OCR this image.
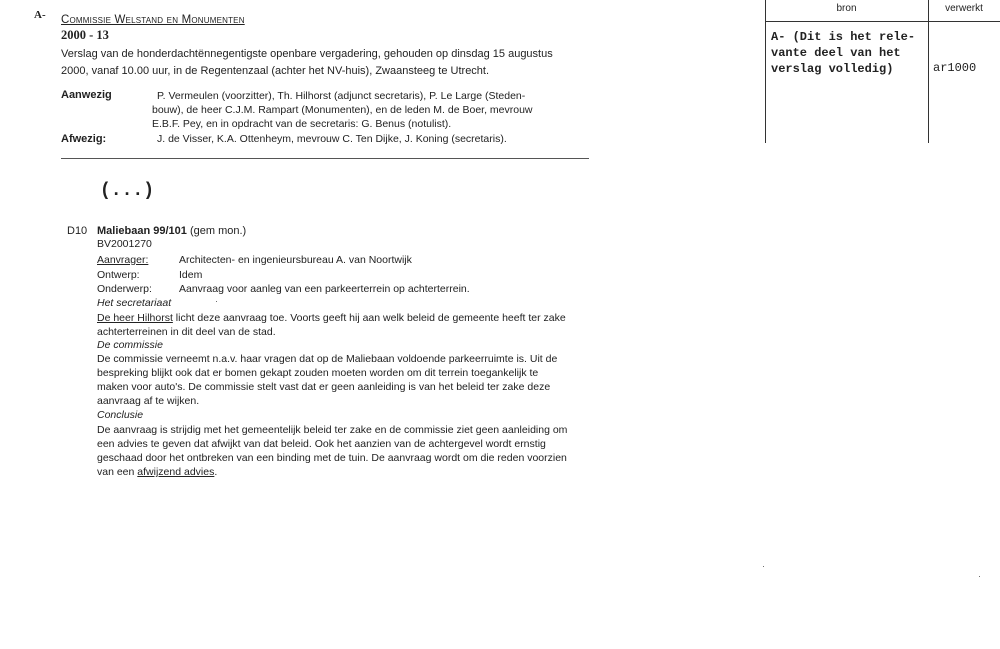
A- Commissie Welstand en Monumenten
2000 - 13
Verslag van de honderdachtënnegentigste openbare vergadering, gehouden op dinsdag 15 augustus
2000, vanaf 10.00 uur, in de Regentenzaal (achter het NV-huis), Zwaansteeg te Utrecht.
Aanwezig	P. Vermeulen (voorzitter), Th. Hilhorst (adjunct secretaris), P. Le Large (Steden-
bouw), de heer C.J.M. Rampart (Monumenten), en de leden M. de Boer, mevrouw
E.B.F. Pey, en in opdracht van de secretaris: G. Benus (notulist).
Afwezig:	J. de Visser, K.A. Ottenheym, mevrouw C. Ten Dijke, J. Koning (secretaris).
(...)
D10 Maliebaan 99/101 (gem mon.)
BV2001270
Aanvrager:	Architecten- en ingenieursbureau A. van Noortwijk
Ontwerp:	Idem
Onderwerp:	Aanvraag voor aanleg van een parkeerterrein op achterterrein.
Het secretariaat
De heer Hilhorst licht deze aanvraag toe. Voorts geeft hij aan welk beleid de gemeente heeft ter zake
achterterreinen in dit deel van de stad.
De commissie
De commissie verneemt n.a.v. haar vragen dat op de Maliebaan voldoende parkeerruimte is. Uit de
bespreking blijkt ook dat er bomen gekapt zouden moeten worden om dit terrein toegankelijk te
maken voor auto's. De commissie stelt vast dat er geen aanleiding is van het beleid ter zake deze
aanvraag af te wijken.
Conclusie
De aanvraag is strijdig met het gemeentelijk beleid ter zake en de commissie ziet geen aanleiding om
een advies te geven dat afwijkt van dat beleid. Ook het aanzien van de achtergevel wordt ernstig
geschaad door het ontbreken van een binding met de tuin. De aanvraag wordt om die reden voorzien
van een afwijzend advies.
bron	verwerkt
A- (Dit is het rele- vante deel van het verslag volledig)	ar1000
·
·
·
